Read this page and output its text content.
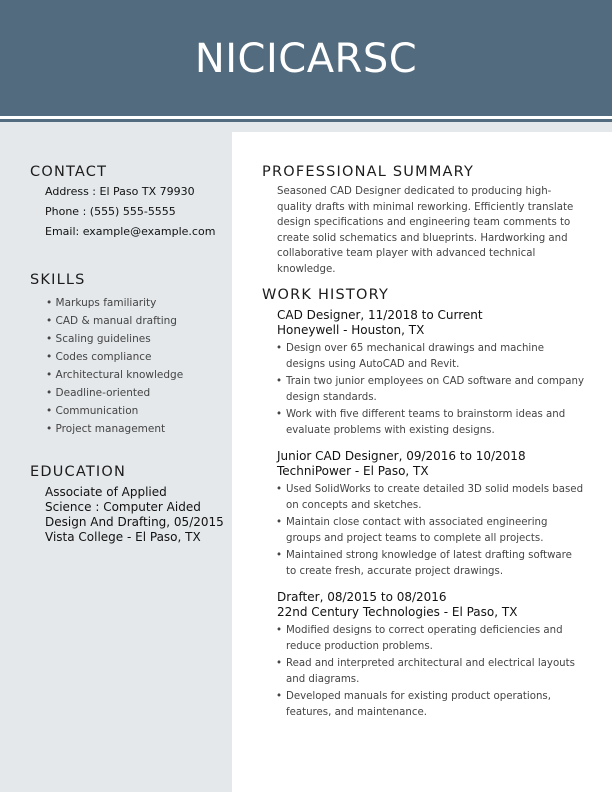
NICICARSC
CONTACT
Address : El Paso TX 79930
Phone : (555) 555-5555
Email: example@example.com
SKILLS
• Markups familiarity
• CAD & manual drafting
• Scaling guidelines
• Codes compliance
• Architectural knowledge
• Deadline-oriented
• Communication
• Project management
EDUCATION
Associate of Applied
Science : Computer Aided
Design And Drafting, 05/2015
Vista College - El Paso, TX
PROFESSIONAL SUMMARY
Seasoned CAD Designer dedicated to producing high-quality drafts with minimal reworking. Efficiently translate design specifications and engineering team comments to create solid schematics and blueprints. Hardworking and collaborative team player with advanced technical knowledge.
WORK HISTORY
CAD Designer, 11/2018 to Current
Honeywell - Houston, TX
• Design over 65 mechanical drawings and machine designs using AutoCAD and Revit.
• Train two junior employees on CAD software and company design standards.
• Work with five different teams to brainstorm ideas and evaluate problems with existing designs.
Junior CAD Designer, 09/2016 to 10/2018
TechniPower - El Paso, TX
• Used SolidWorks to create detailed 3D solid models based on concepts and sketches.
• Maintain close contact with associated engineering groups and project teams to complete all projects.
• Maintained strong knowledge of latest drafting software to create fresh, accurate project drawings.
Drafter, 08/2015 to 08/2016
22nd Century Technologies - El Paso, TX
• Modified designs to correct operating deficiencies and reduce production problems.
• Read and interpreted architectural and electrical layouts and diagrams.
• Developed manuals for existing product operations, features, and maintenance.
